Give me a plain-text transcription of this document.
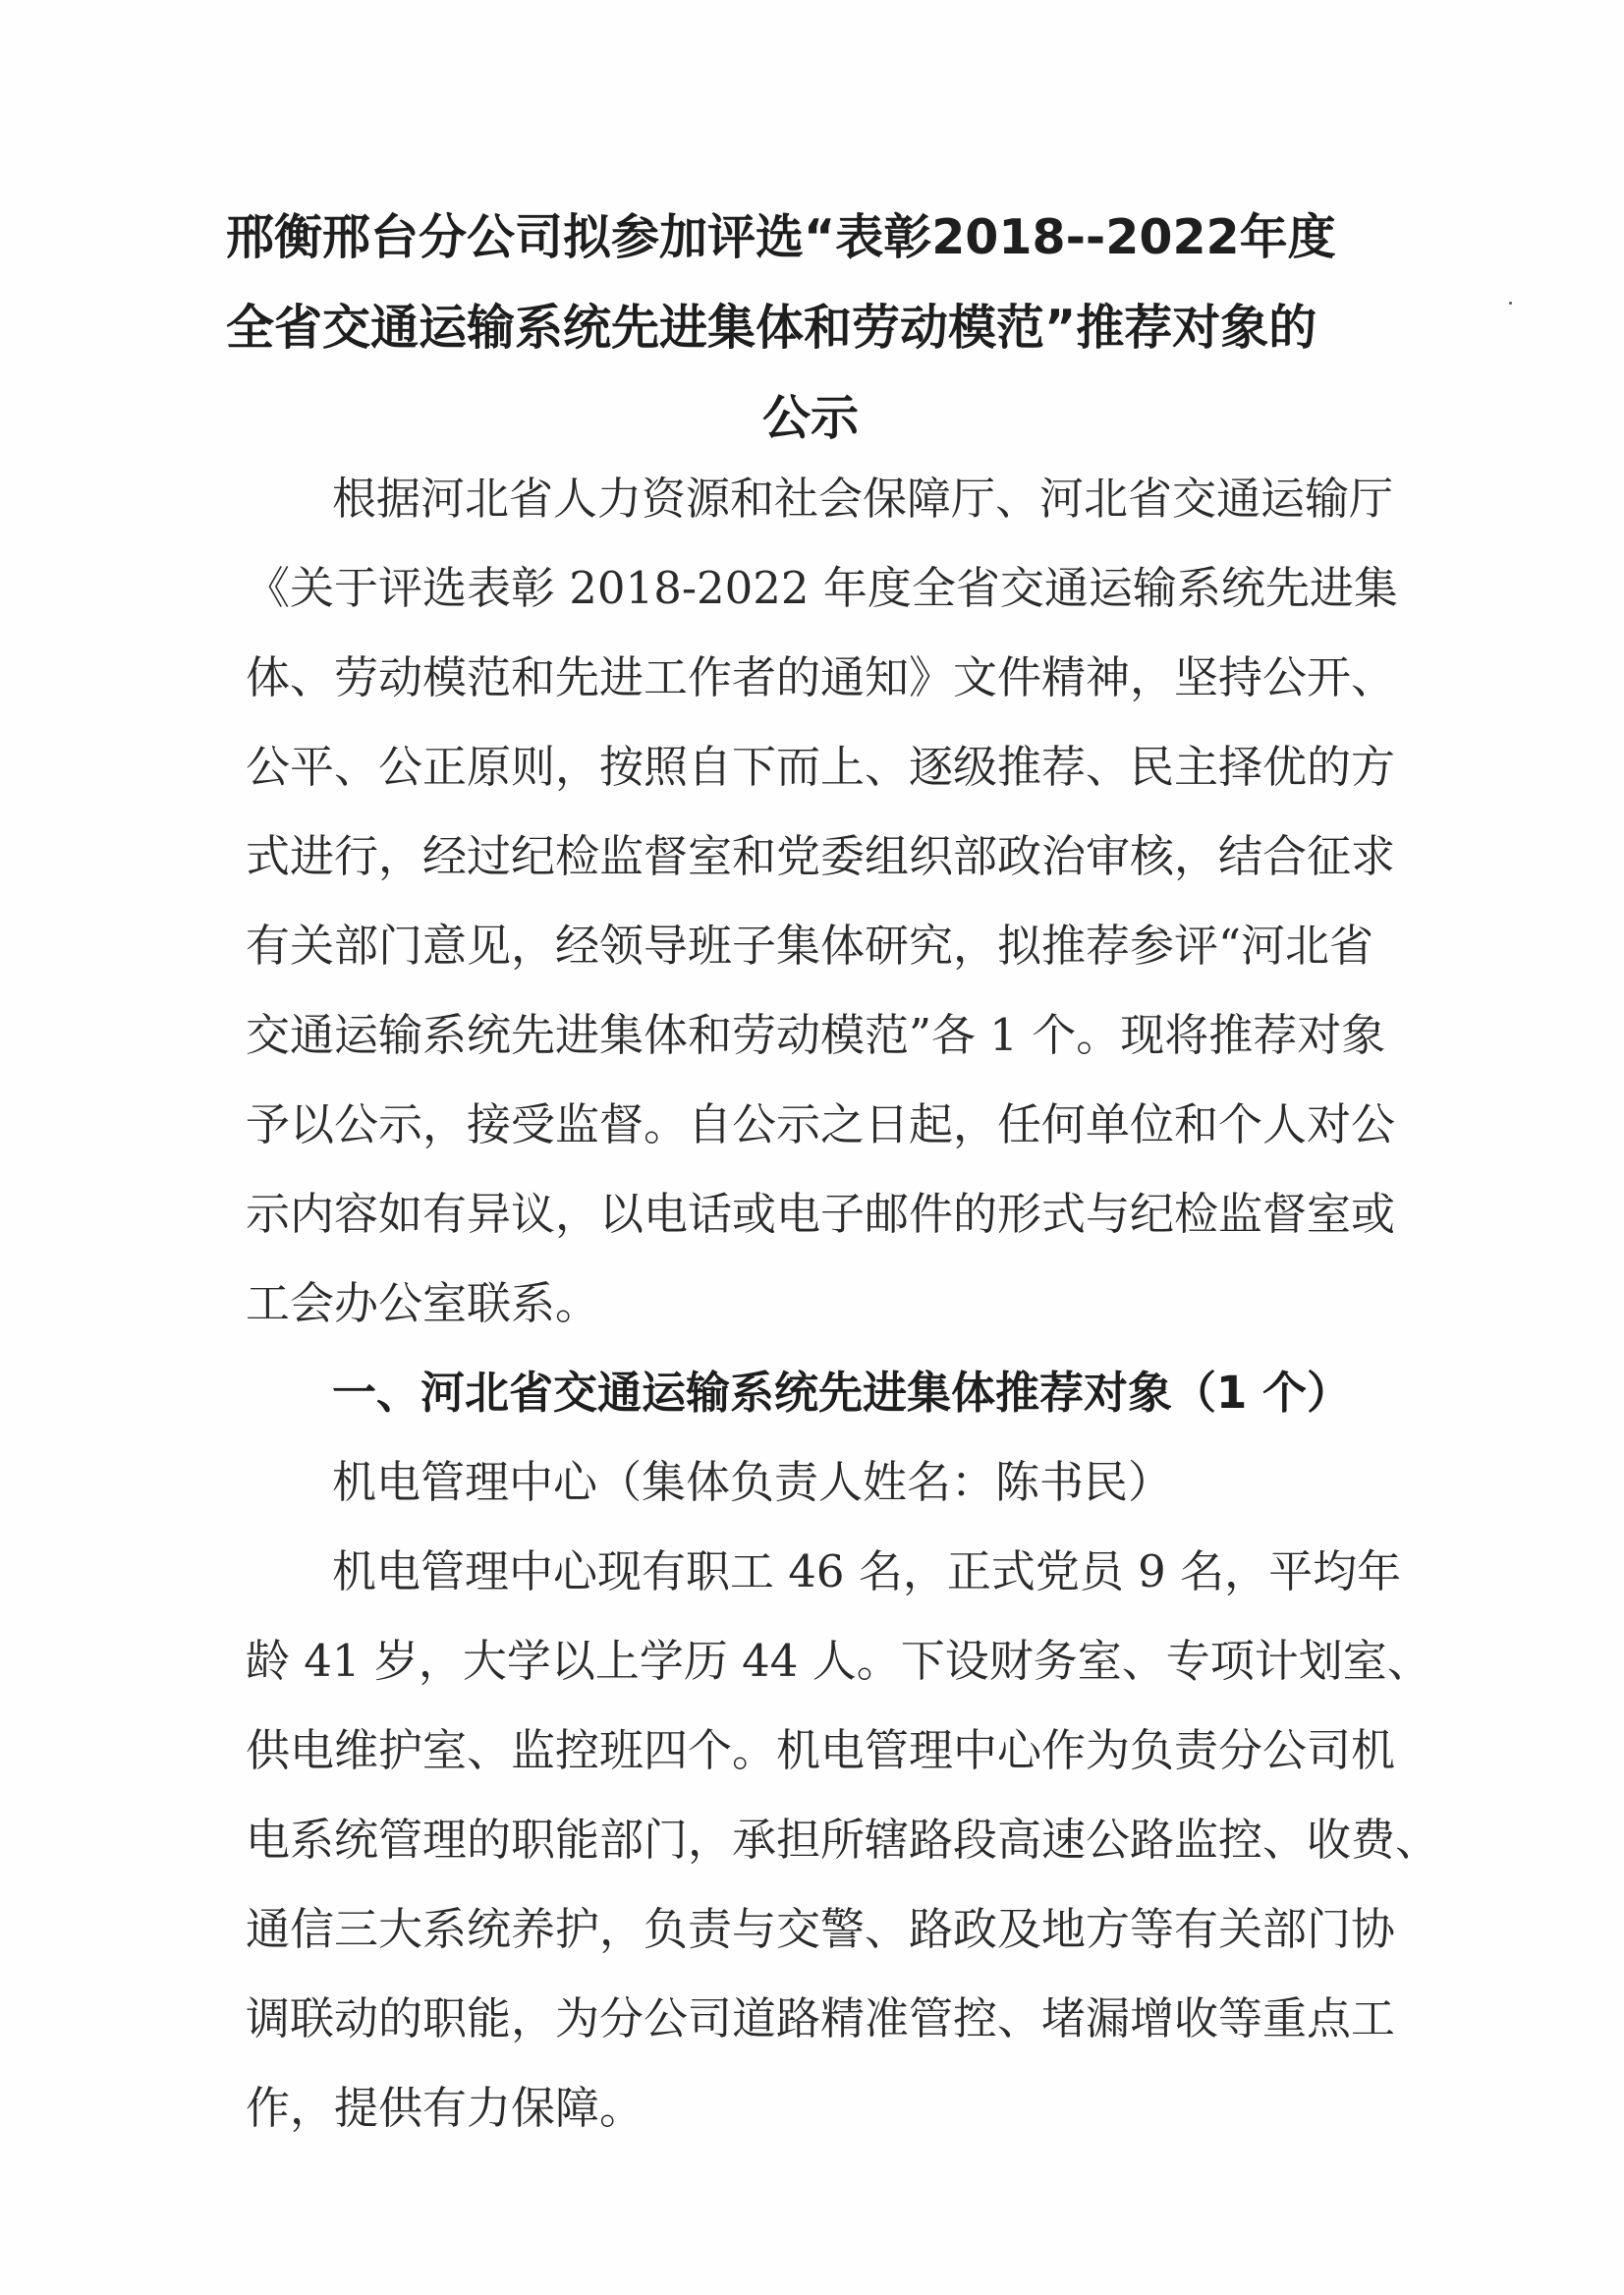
邢衡邢台分公司拟参加评选“表彰2018--2022年度
全省交通运输系统先进集体和劳动模范”推荐对象的
公示
根据河北省人力资源和社会保障厅、河北省交通运输厅
《关于评选表彰 2018-2022 年度全省交通运输系统先进集
体、劳动模范和先进工作者的通知》文件精神，坚持公开、
公平、公正原则，按照自下而上、逐级推荐、民主择优的方
式进行，经过纪检监督室和党委组织部政治审核，结合征求
有关部门意见，经领导班子集体研究，拟推荐参评“河北省
交通运输系统先进集体和劳动模范”各 1 个。现将推荐对象
予以公示，接受监督。自公示之日起，任何单位和个人对公
示内容如有异议，以电话或电子邮件的形式与纪检监督室或
工会办公室联系。
一、河北省交通运输系统先进集体推荐对象（1 个）
机电管理中心（集体负责人姓名：陈书民）
机电管理中心现有职工 46 名，正式党员 9 名，平均年
龄 41 岁，大学以上学历 44 人。下设财务室、专项计划室、
供电维护室、监控班四个。机电管理中心作为负责分公司机
电系统管理的职能部门，承担所辖路段高速公路监控、收费、
通信三大系统养护，负责与交警、路政及地方等有关部门协
调联动的职能，为分公司道路精准管控、堵漏增收等重点工
作，提供有力保障。
